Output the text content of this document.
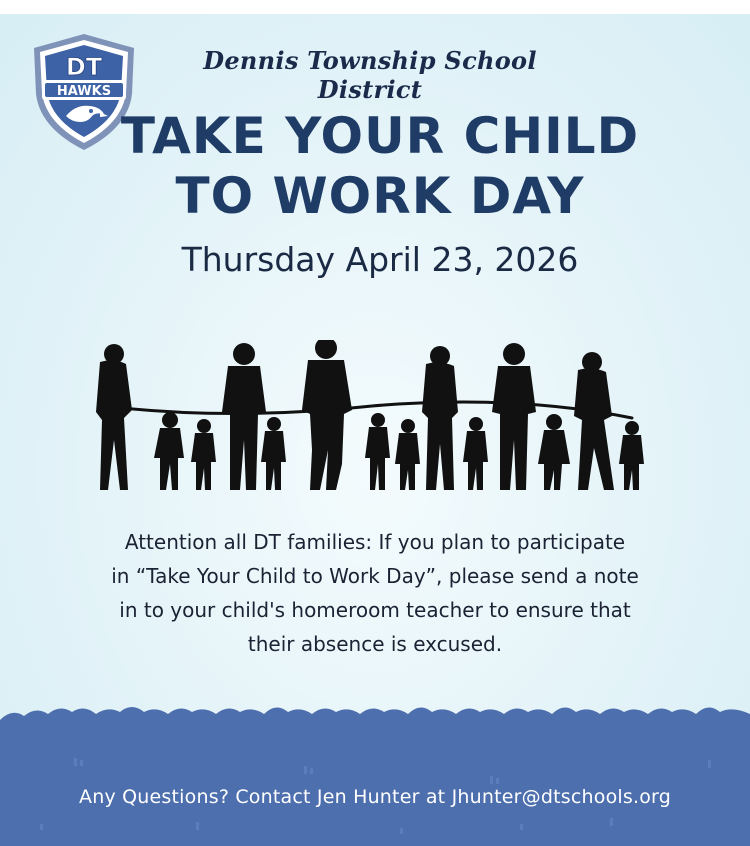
DT
HAWKS
Dennis Township School District
TAKE YOUR CHILD
TO WORK DAY
Thursday April 23, 2026
Attention all DT families: If you plan to participate
in “Take Your Child to Work Day”, please send a note
in to your child's homeroom teacher to ensure that
their absence is excused.
Any Questions? Contact Jen Hunter at Jhunter@dtschools.org
